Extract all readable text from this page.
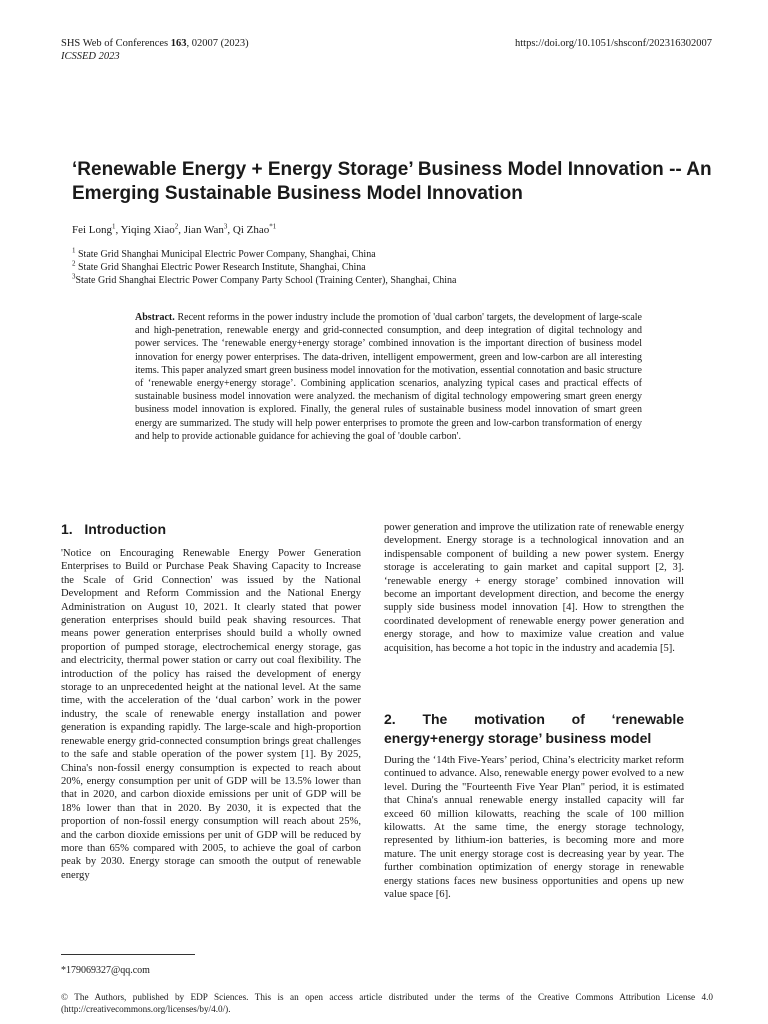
SHS Web of Conferences 163, 02007 (2023)
ICSSED 2023
https://doi.org/10.1051/shsconf/202316302007
‘Renewable Energy + Energy Storage’ Business Model Innovation -- An Emerging Sustainable Business Model Innovation
Fei Long$^1$, Yiqing Xiao$^2$, Jian Wan$^3$, Qi Zhao$^{*1}$
$^1$ State Grid Shanghai Municipal Electric Power Company, Shanghai, China
$^2$ State Grid Shanghai Electric Power Research Institute, Shanghai, China
$^3$State Grid Shanghai Electric Power Company Party School (Training Center), Shanghai, China

Abstract. Recent reforms in the power industry include the promotion of 'dual carbon' targets, the development of large-scale and high-penetration, renewable energy and grid-connected consumption, and deep integration of digital technology and power services. The ‘renewable energy+energy storage’ combined innovation is the important direction of business model innovation for energy power enterprises. The data-driven, intelligent empowerment, green and low-carbon are all interesting items. This paper analyzed smart green business model innovation for the motivation, essential connotation and basic structure of ‘renewable energy+energy storage’. Combining application scenarios, analyzing typical cases and practical effects of sustainable business model innovation were analyzed. the mechanism of digital technology empowering smart green energy business model innovation is explored. Finally, the general rules of sustainable business model innovation of smart green energy are summarized. The study will help power enterprises to promote the green and low-carbon transformation of energy and help to provide actionable guidance for achieving the goal of 'double carbon'.

1.   Introduction

'Notice on Encouraging Renewable Energy Power Generation Enterprises to Build or Purchase Peak Shaving Capacity to Increase the Scale of Grid Connection' was issued by the National Development and Reform Commission and the National Energy Administration on August 10, 2021. It clearly stated that power generation enterprises should build peak shaving resources. That means power generation enterprises should build a wholly owned proportion of pumped storage, electrochemical energy storage, gas and electricity, thermal power station or carry out coal flexibility. The introduction of the policy has raised the development of energy storage to an unprecedented height at the national level. At the same time, with the acceleration of the ‘dual carbon’ work in the power industry, the scale of renewable energy installation and power generation is expanding rapidly. The large-scale and high-proportion renewable energy grid-connected consumption brings great challenges to the safe and stable operation of the power system [1]. By 2025, China's non-fossil energy consumption is expected to reach about 20%, energy consumption per unit of GDP will be 13.5% lower than that in 2020, and carbon dioxide emissions per unit of GDP will be 18% lower than that in 2020. By 2030, it is expected that the proportion of non-fossil energy consumption will reach about 25%, and the carbon dioxide emissions per unit of GDP will be reduced by more than 65% compared with 2005, to achieve the goal of carbon peak by 2030. Energy storage can smooth the output of renewable energy

power generation and improve the utilization rate of renewable energy development. Energy storage is a technological innovation and an indispensable component of building a new power system. Energy storage is accelerating to gain market and capital support [2, 3]. ‘renewable energy + energy storage’ combined innovation will become an important development direction, and become the energy supply side business model innovation [4]. How to strengthen the coordinated development of renewable energy power generation and energy storage, and how to maximize value creation and value acquisition, has become a hot topic in the industry and academia [5].

2. The motivation of ‘renewable
energy+energy storage’ business model

During the ‘14th Five-Years’ period, China’s electricity market reform continued to advance. Also, renewable energy power evolved to a new level. During the "Fourteenth Five Year Plan" period, it is estimated that China's annual renewable energy installed capacity will far exceed 60 million kilowatts, reaching the scale of 100 million kilowatts. At the same time, the energy storage technology, represented by lithium-ion batteries, is becoming more and more mature. The unit energy storage cost is decreasing year by year. The further combination optimization of energy storage in renewable energy stations faces new business opportunities and opens up new value space [6].

*179069327@qq.com

© The Authors, published by EDP Sciences. This is an open access article distributed under the terms of the Creative Commons Attribution License 4.0 (http://creativecommons.org/licenses/by/4.0/).
